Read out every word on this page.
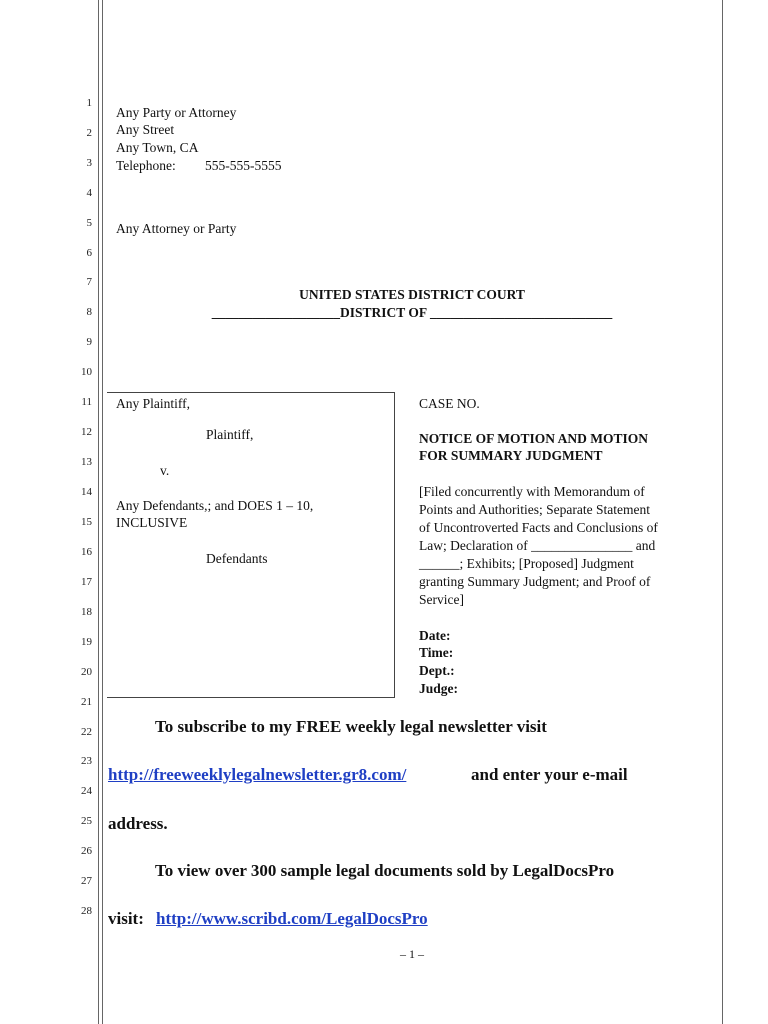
1
2
3
4
5
6
7
8
9
10
11
12
13
14
15
16
17
18
19
20
21
22
23
24
25
26
27
28
Any Party or Attorney
Any Street
Any Town, CA
Telephone: 555-555-5555
Any Attorney or Party
UNITED STATES DISTRICT COURT
___________________DISTRICT OF ___________________________
Any Plaintiff,
Plaintiff,
v.
Any Defendants,; and DOES 1 – 10,
INCLUSIVE
Defendants
CASE NO.
NOTICE OF MOTION AND MOTION
FOR SUMMARY JUDGMENT
[Filed concurrently with Memorandum of
Points and Authorities; Separate Statement
of Uncontroverted Facts and Conclusions of
Law; Declaration of _______________ and
______; Exhibits; [Proposed] Judgment
granting Summary Judgment; and Proof of
Service]
Date:
Time:
Dept.:
Judge:
To subscribe to my FREE weekly legal newsletter visit
http://freeweeklylegalnewsletter.gr8.com/	and enter your e-mail
address.
To view over 300 sample legal documents sold by LegalDocsPro
visit: http://www.scribd.com/LegalDocsPro
– 1 –
